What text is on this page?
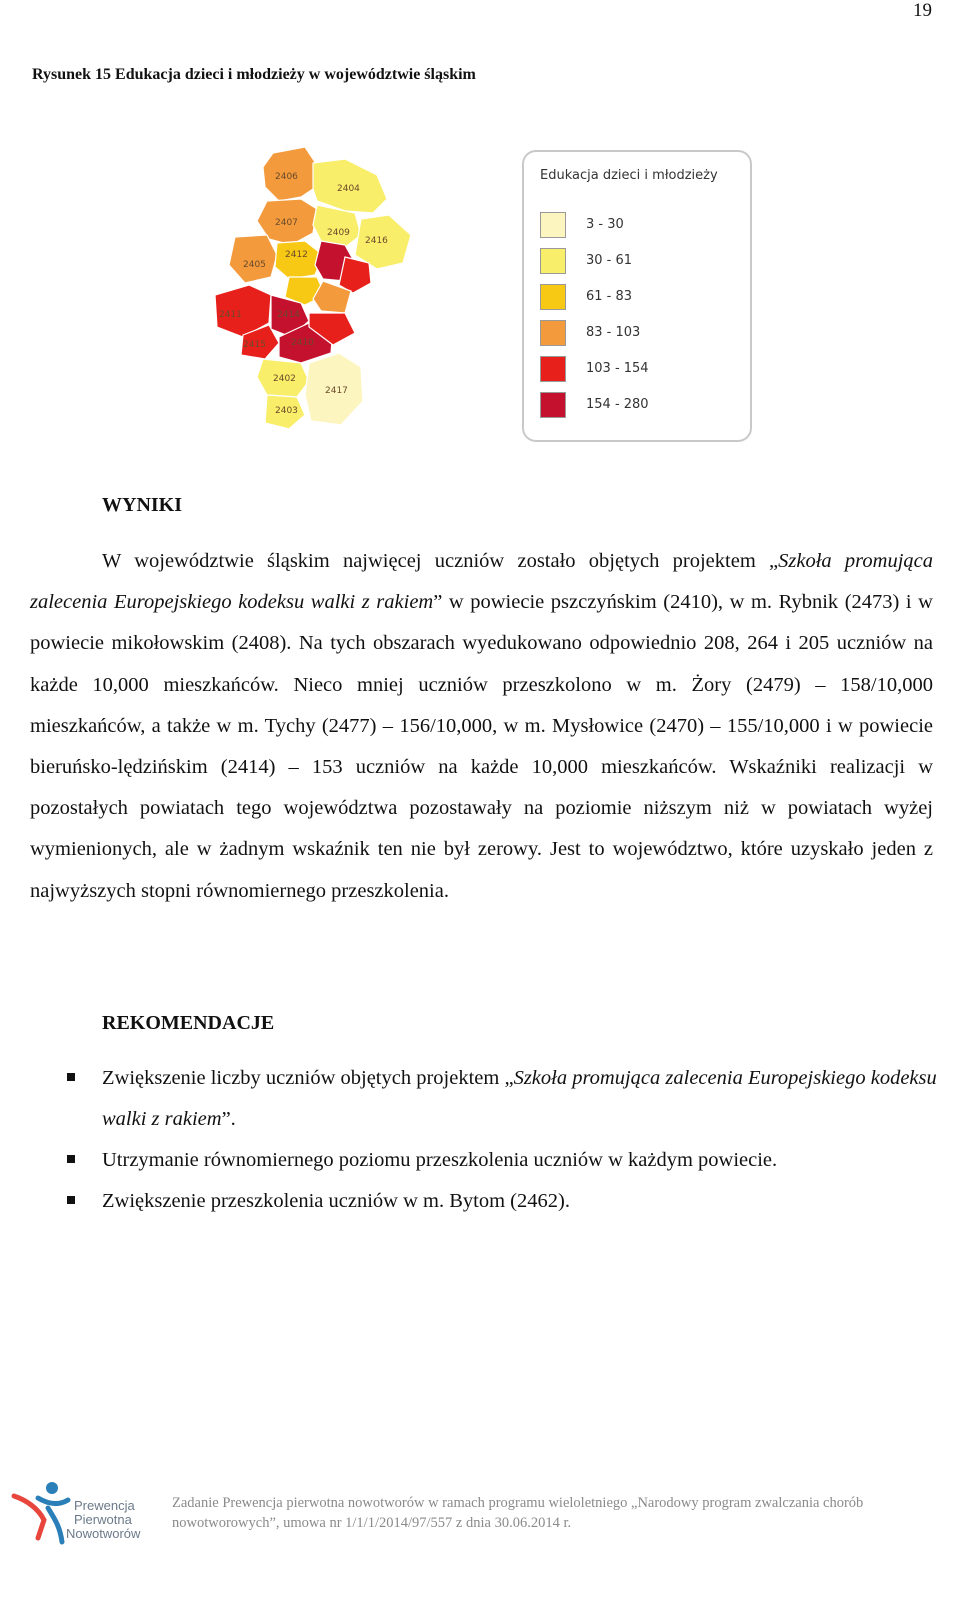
19
Rysunek 15 Edukacja dzieci i młodzieży w województwie śląskim
2406
2404
2407
2409
2416
2412
2405
2414
2410
2411
2415
2402
2403
2417
Edukacja dzieci i młodzieży
3 - 30
30 - 61
61 - 83
83 - 103
103 - 154
154 - 280
WYNIKI

W województwie śląskim najwięcej uczniów zostało objętych projektem „Szkoła promująca zalecenia Europejskiego kodeksu walki z rakiem” w powiecie pszczyńskim (2410), w m. Rybnik (2473) i w powiecie mikołowskim (2408). Na tych obszarach wyedukowano odpowiednio 208, 264 i 205 uczniów na każde 10,000 mieszkańców. Nieco mniej uczniów przeszkolono w m. Żory (2479) – 158/10,000 mieszkańców, a także w m. Tychy (2477) – 156/10,000, w m. Mysłowice (2470) – 155/10,000 i w powiecie bieruńsko-lędzińskim (2414) – 153 uczniów na każde 10,000 mieszkańców. Wskaźniki realizacji w pozostałych powiatach tego województwa pozostawały na poziomie niższym niż w powiatach wyżej wymienionych, ale w żadnym wskaźnik ten nie był zerowy. Jest to województwo, które uzyskało jeden z najwyższych stopni równomiernego przeszkolenia.

REKOMENDACJE
Zwiększenie liczby uczniów objętych projektem „Szkoła promująca zalecenia Europejskiego kodeksu walki z rakiem”.
Utrzymanie równomiernego poziomu przeszkolenia uczniów w każdym powiecie.
Zwiększenie przeszkolenia uczniów w m. Bytom (2462).
Prewencja
Pierwotna
Nowotworów
Zadanie Prewencja pierwotna nowotworów w ramach programu wieloletniego „Narodowy program zwalczania chorób nowotworowych”, umowa nr 1/1/1/2014/97/557 z dnia 30.06.2014 r.
